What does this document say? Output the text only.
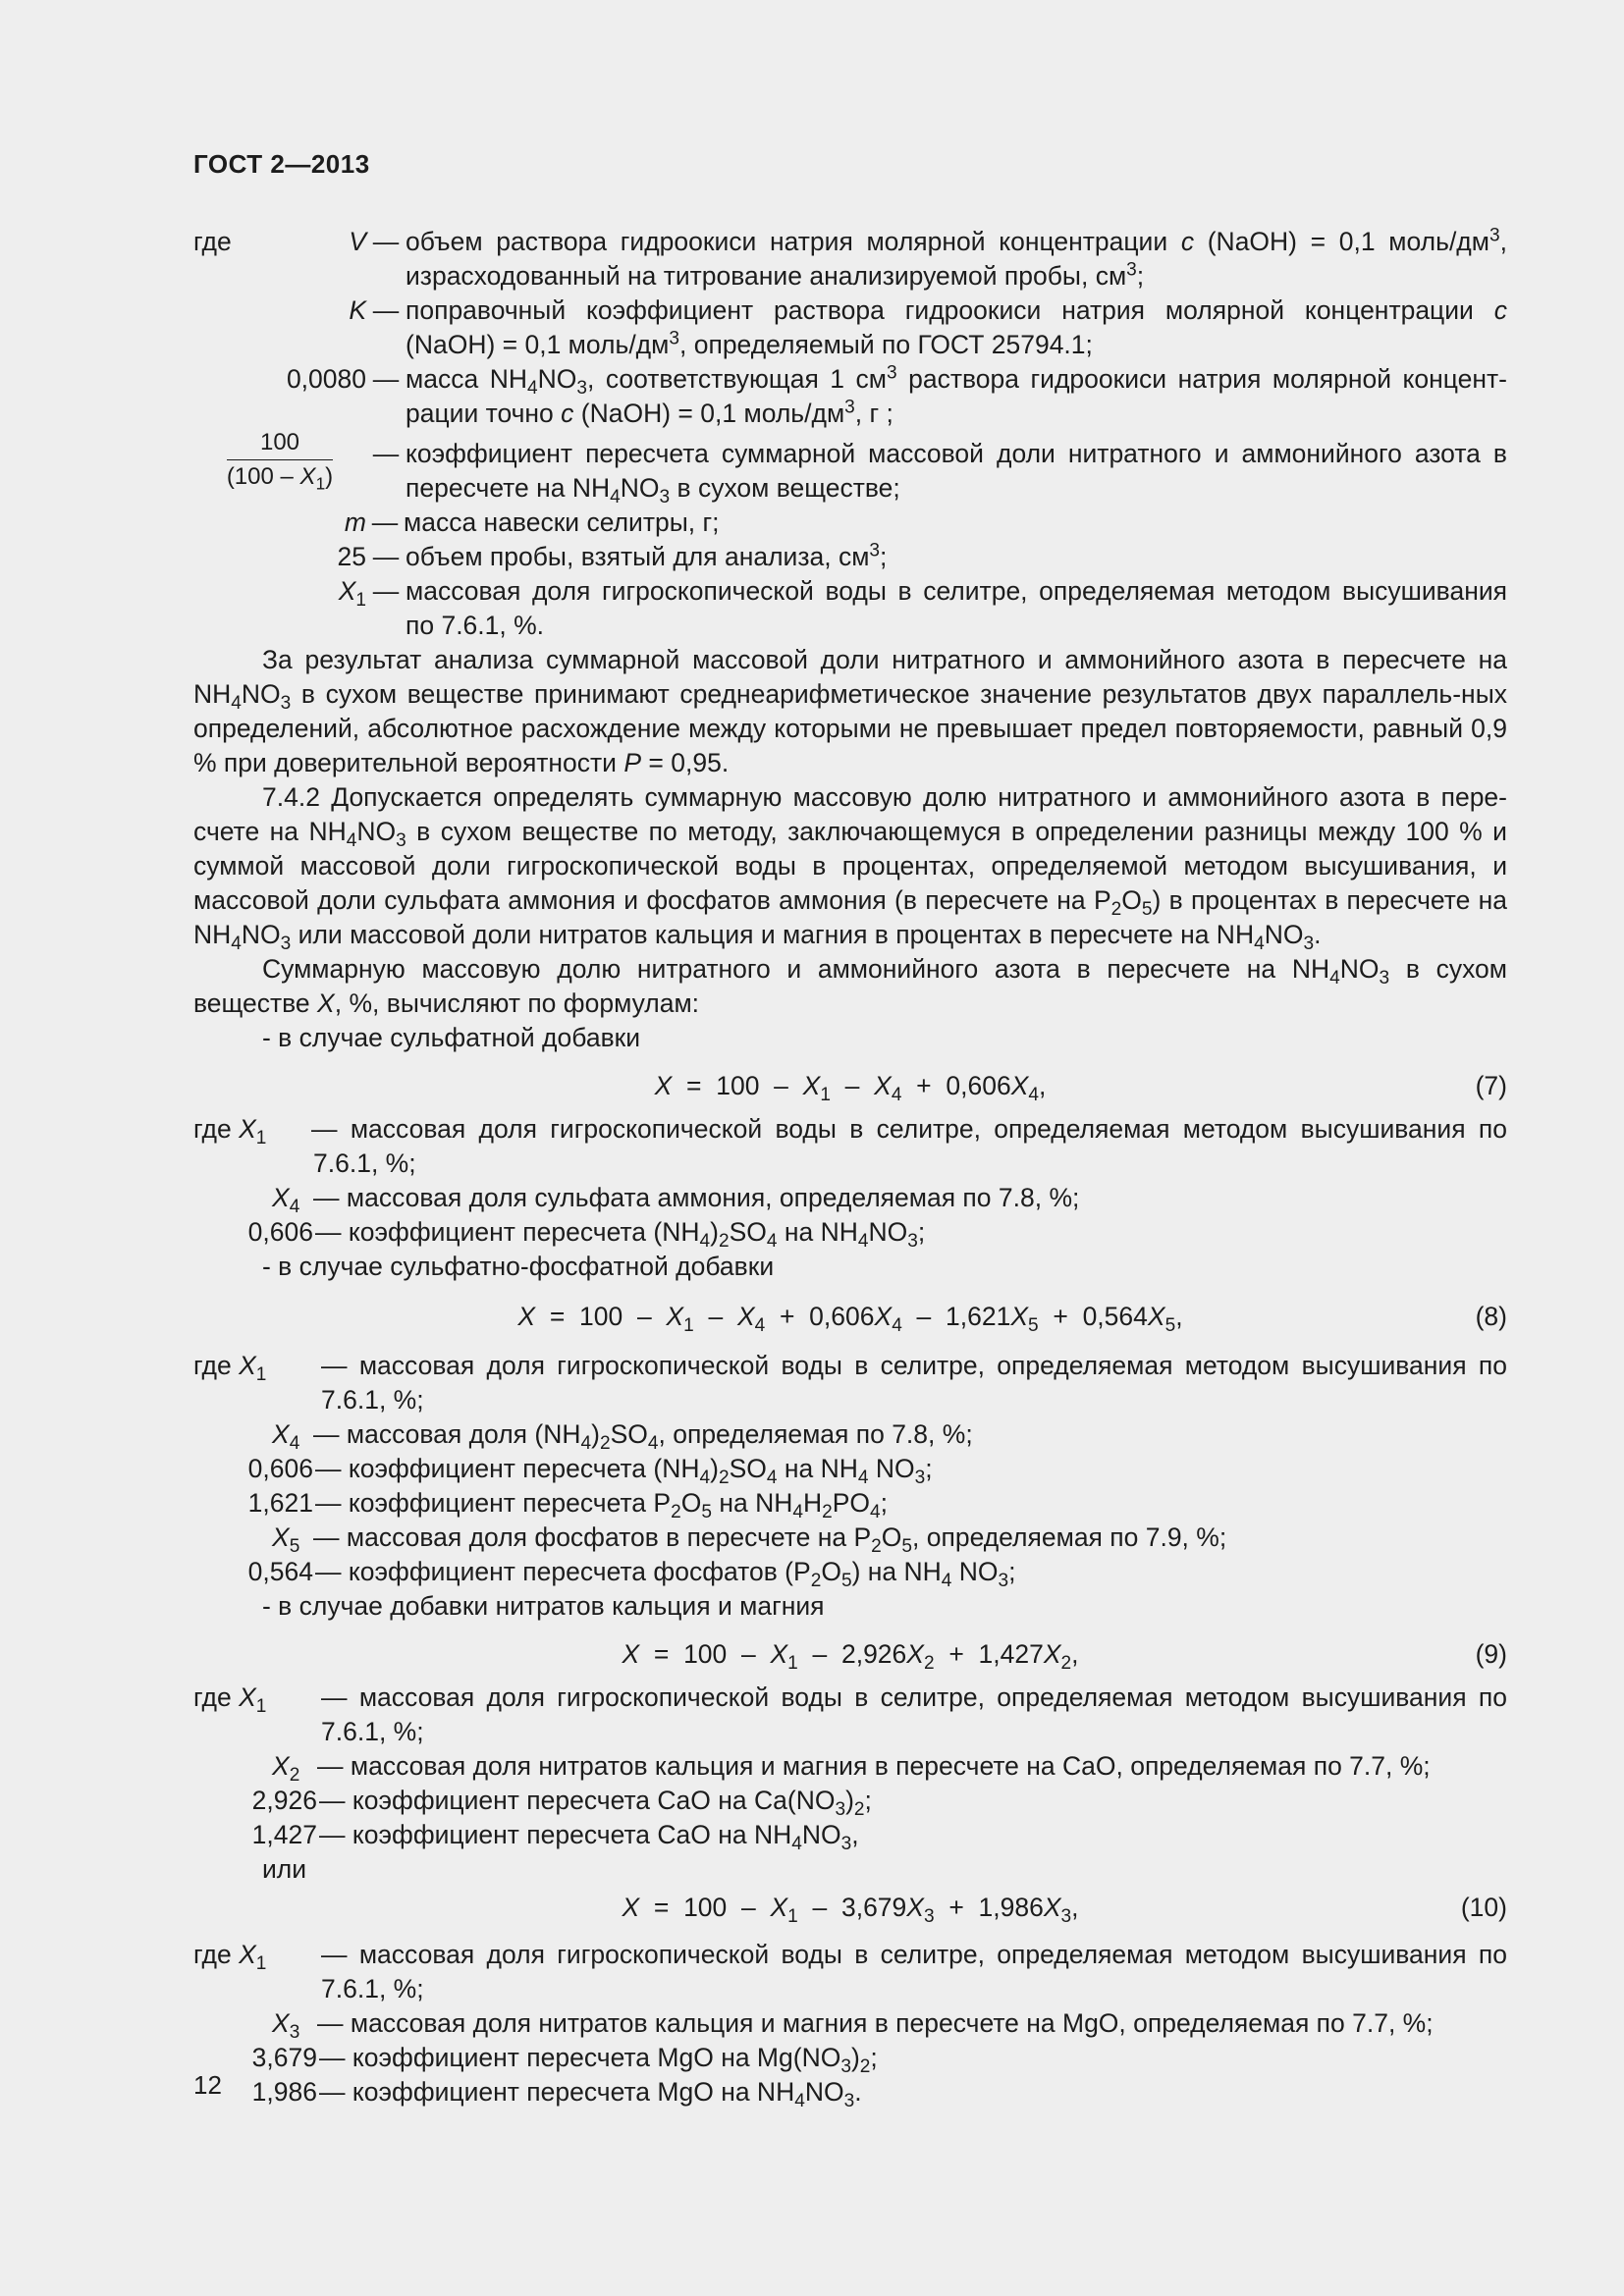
ГОСТ 2—2013
где	V — объем раствора гидроокиси натрия молярной концентрации c (NaOH) = 0,1 моль/$дм^3$, израсходованный на титрование анализируемой пробы, $см^3$;
K — поправочный коэффициент раствора гидроокиси натрия молярной концентрации c (NaOH) = 0,1 моль/$дм^3$, определяемый по ГОСТ 25794.1;
0,0080 — масса $NH_4NO_3$, соответствующая 1 $см^3$ раствора гидроокиси натрия молярной концент-рации точно c (NaOH) = 0,1 моль/$дм^3$, г ;
$\frac{100}{(100 - X_1)}$ — коэффициент пересчета суммарной массовой доли нитратного и аммонийного азота в пересчете на $NH_4NO_3$ в сухом веществе;
m — масса навески селитры, г;
25 — объем пробы, взятый для анализа, $см^3$;
$X_1$ — массовая доля гигроскопической воды в селитре, определяемая методом высушивания по 7.6.1, %.
За результат анализа суммарной массовой доли нитратного и аммонийного азота в пересчете на $NH_4NO_3$ в сухом веществе принимают среднеарифметическое значение результатов двух параллель-ных определений, абсолютное расхождение между которыми не превышает предел повторяемости, равный 0,9 % при доверительной вероятности P = 0,95.
7.4.2 Допускается определять суммарную массовую долю нитратного и аммонийного азота в пере-счете на $NH_4NO_3$ в сухом веществе по методу, заключающемуся в определении разницы между 100 % и суммой массовой доли гигроскопической воды в процентах, определяемой методом высушивания, и массовой доли сульфата аммония и фосфатов аммония (в пересчете на $P_2O_5$) в процентах в пересчете на $NH_4NO_3$ или массовой доли нитратов кальция и магния в процентах в пересчете на $NH_4NO_3$.
Суммарную массовую долю нитратного и аммонийного азота в пересчете на $NH_4NO_3$ в сухом веществе X, %, вычисляют по формулам:
- в случае сульфатной добавки
$X = 100 - X_1 - X_4 + 0,606X_4$,	(7)
где $X_1$	— массовая доля гигроскопической воды в селитре, определяемая методом высушивания по 7.6.1, %;
$X_4$ — массовая доля сульфата аммония, определяемая по 7.8, %;
0,606 — коэффициент пересчета $(NH_4)_2SO_4$ на $NH_4NO_3$;
- в случае сульфатно-фосфатной добавки
$X = 100 - X_1 - X_4 + 0,606X_4 - 1,621X_5 + 0,564X_5$,	(8)
где $X_1$	— массовая доля гигроскопической воды в селитре, определяемая методом высушивания по 7.6.1, %;
$X_4$ — массовая доля $(NH_4)_2SO_4$, определяемая по 7.8, %;
0,606 — коэффициент пересчета $(NH_4)_2SO_4$ на $NH_4$ $NO_3$;
1,621 — коэффициент пересчета $P_2O_5$ на $NH_4H_2PO_4$;
$X_5$ — массовая доля фосфатов в пересчете на $P_2O_5$, определяемая по 7.9, %;
0,564 — коэффициент пересчета фосфатов $(P_2O_5)$ на $NH_4$ $NO_3$;
- в случае добавки нитратов кальция и магния
$X = 100 - X_1 - 2,926X_2 + 1,427X_2$,	(9)
где $X_1$	— массовая доля гигроскопической воды в селитре, определяемая методом высушивания по 7.6.1, %;
$X_2$ — массовая доля нитратов кальция и магния в пересчете на CaO, определяемая по 7.7, %;
2,926 — коэффициент пересчета CaO на $Ca(NO_3)_2$;
1,427 — коэффициент пересчета CaO на $NH_4NO_3$,
или
$X = 100 - X_1 - 3,679X_3 + 1,986X_3$,	(10)
где $X_1$	— массовая доля гигроскопической воды в селитре, определяемая методом высушивания по 7.6.1, %;
$X_3$ — массовая доля нитратов кальция и магния в пересчете на MgO, определяемая по 7.7, %;
3,679 — коэффициент пересчета MgO на $Mg(NO_3)_2$;
1,986 — коэффициент пересчета MgO на $NH_4NO_3$.
12
